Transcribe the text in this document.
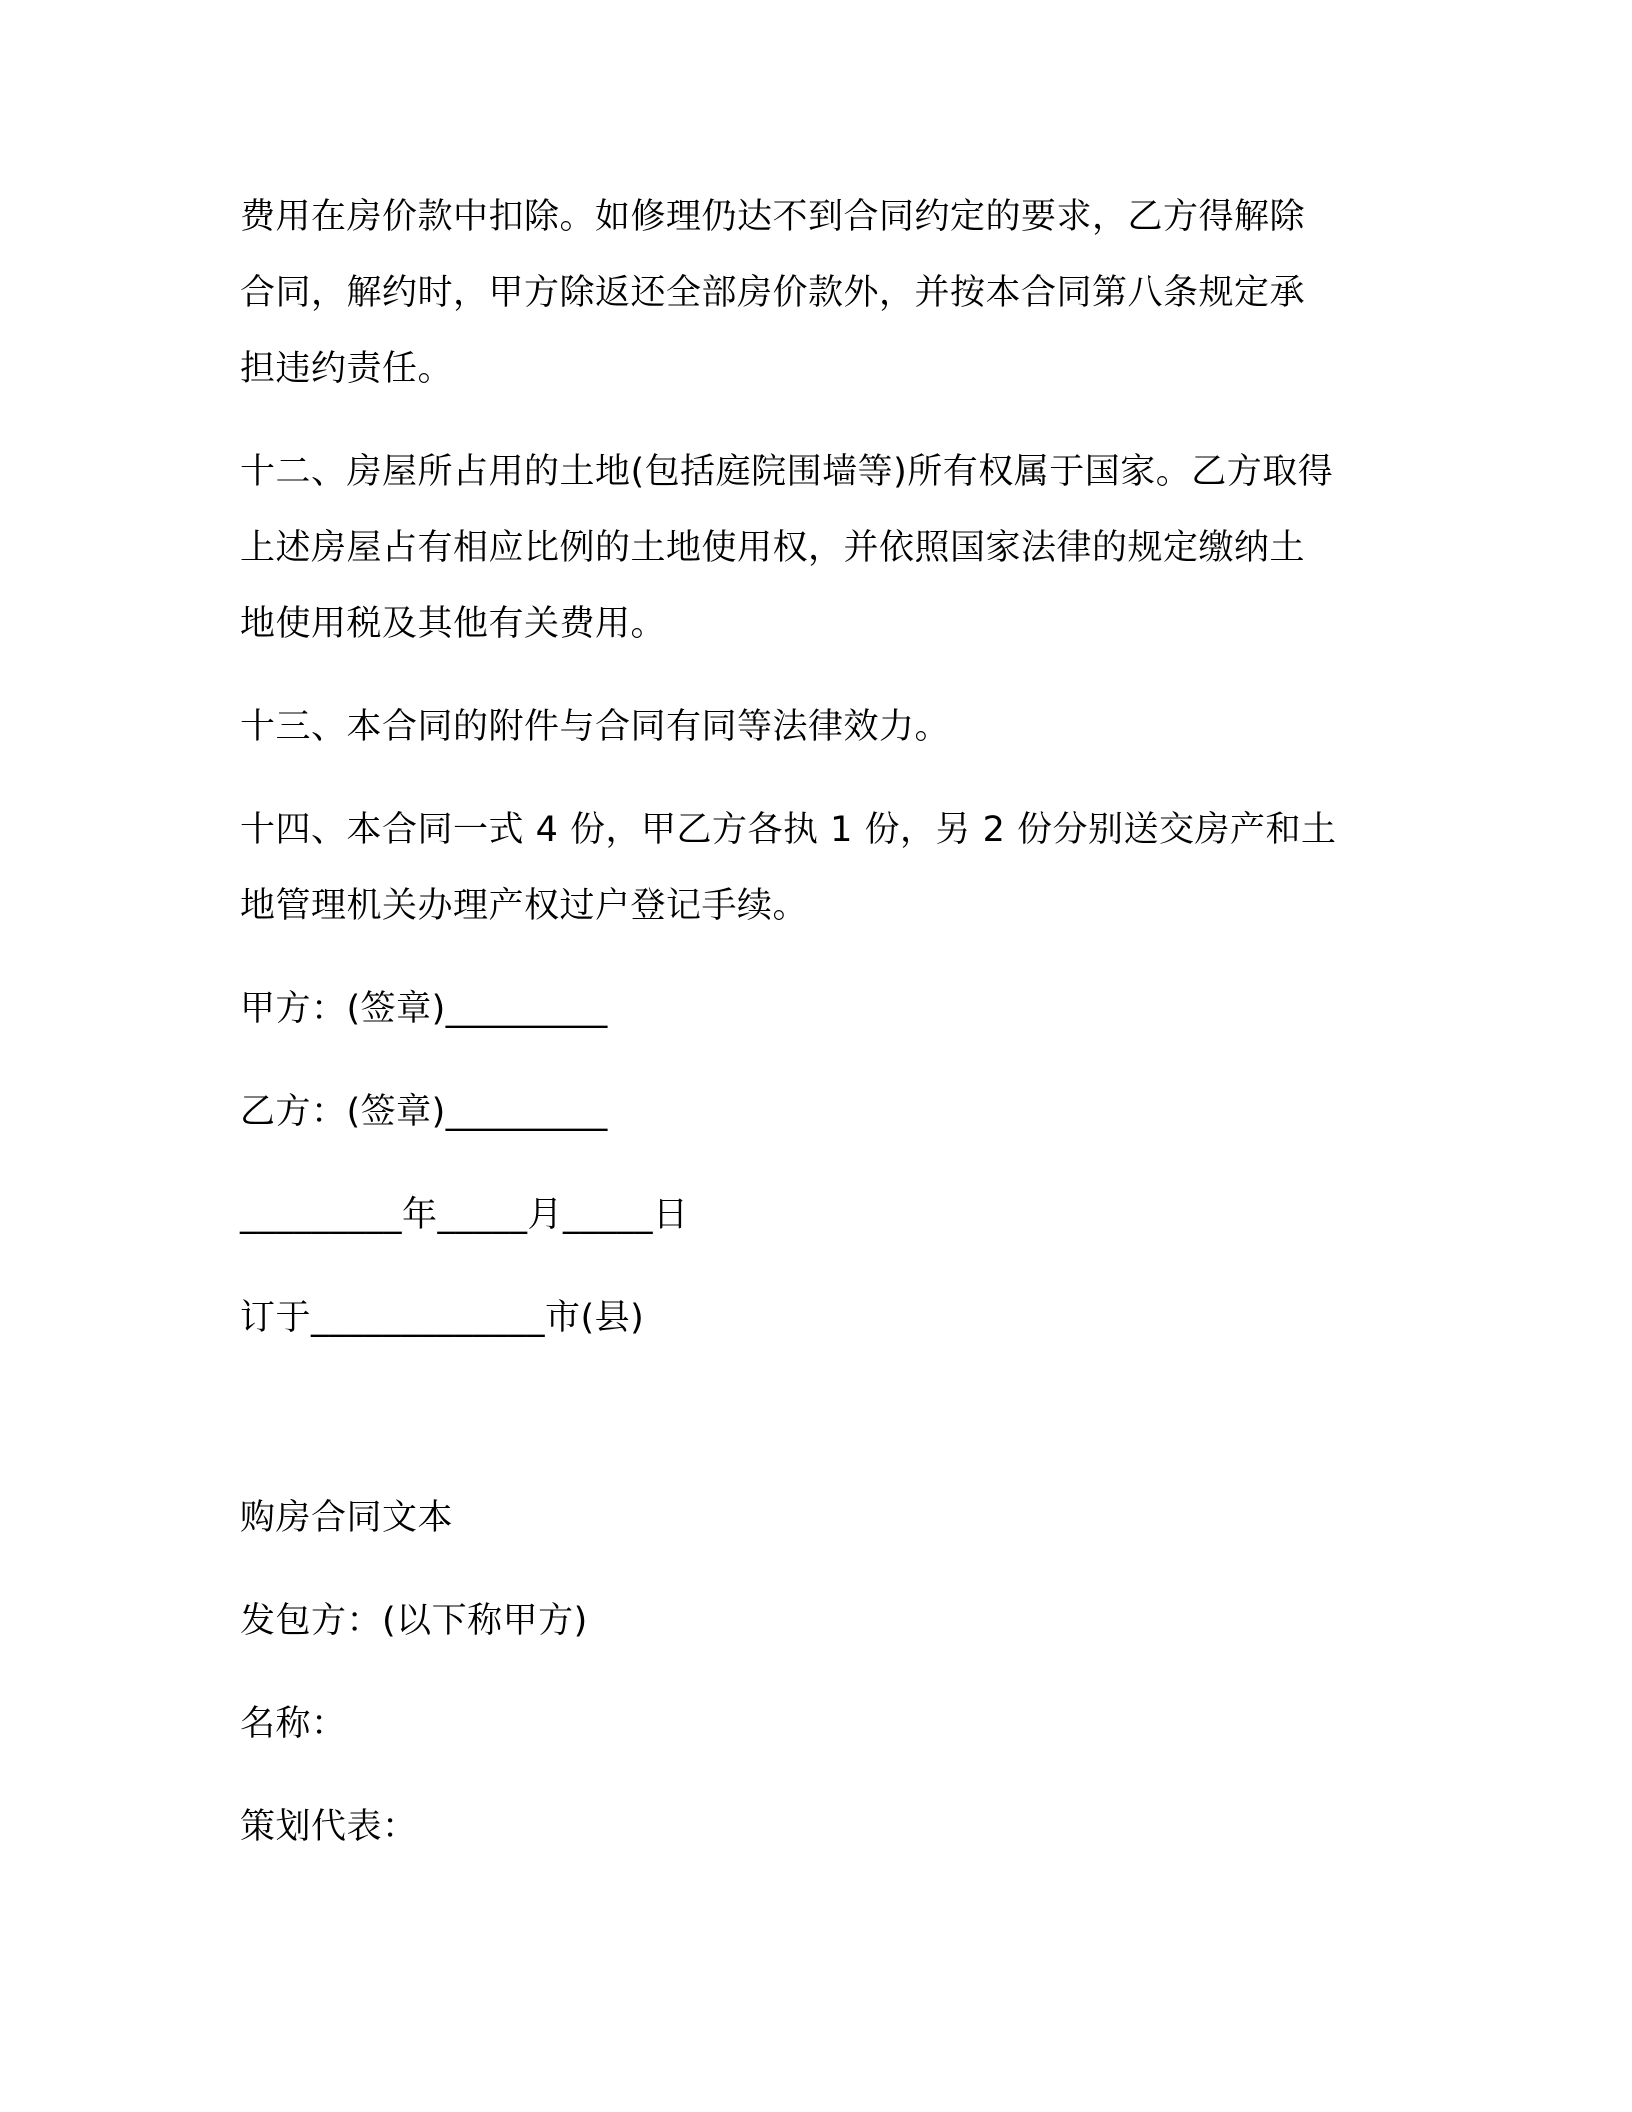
费用在房价款中扣除。如修理仍达不到合同约定的要求，乙方得解除
合同，解约时，甲方除返还全部房价款外，并按本合同第八条规定承
担违约责任。
十二、房屋所占用的土地(包括庭院围墙等)所有权属于国家。乙方取得
上述房屋占有相应比例的土地使用权，并依照国家法律的规定缴纳土
地使用税及其他有关费用。
十三、本合同的附件与合同有同等法律效力。
十四、本合同一式 4 份，甲乙方各执 1 份，另 2 份分别送交房产和土
地管理机关办理产权过户登记手续。
甲方：(签章)_________
乙方：(签章)_________
_________年_____月_____日
订于_____________市(县)
购房合同文本
发包方：(以下称甲方)
名称：
策划代表：
